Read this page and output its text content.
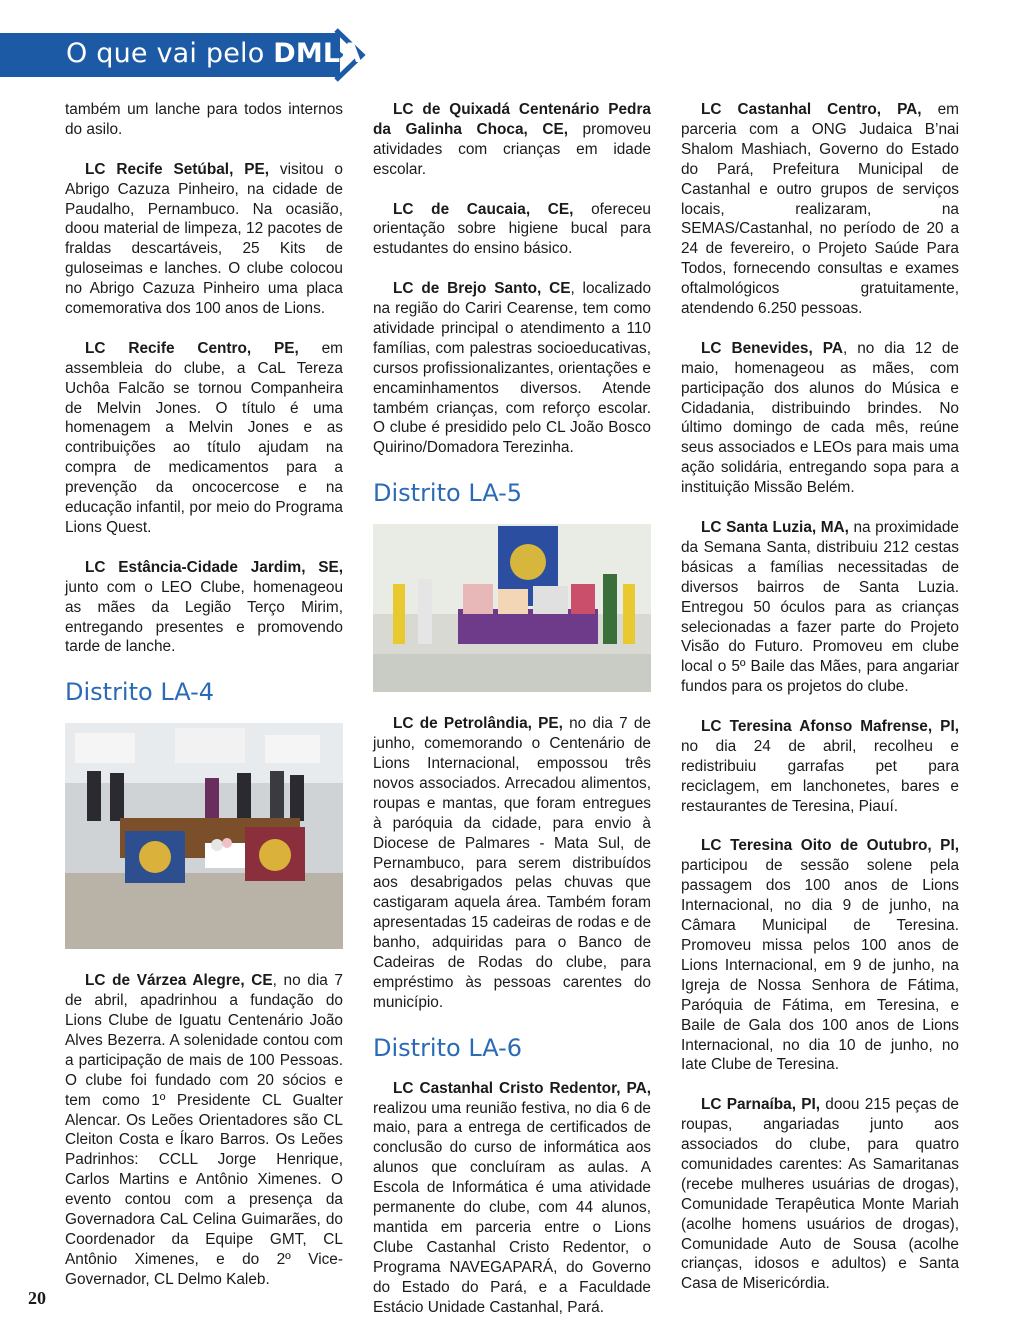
O que vai pelo DMLA

também um lanche para todos internos do asilo.

LC Recife Setúbal, PE, visitou o Abrigo Cazuza Pinheiro, na cidade de Paudalho, Pernambuco. Na ocasião, doou material de limpeza, 12 pacotes de fraldas descartáveis, 25 Kits de guloseimas e lanches. O clube colocou no Abrigo Cazuza Pinheiro uma placa comemorativa dos 100 anos de Lions.

LC Recife Centro, PE, em assembleia do clube, a CaL Tereza Uchôa Falcão se tornou Companheira de Melvin Jones. O título é uma homenagem a Melvin Jones e as contribuições ao título ajudam na compra de medicamentos para a prevenção da oncocercose e na educação infantil, por meio do Programa Lions Quest.

LC Estância-Cidade Jardim, SE, junto com o LEO Clube, homenageou as mães da Legião Terço Mirim, entregando presentes e promovendo tarde de lanche.

Distrito LA-4

LC de Várzea Alegre, CE, no dia 7 de abril, apadrinhou a fundação do Lions Clube de Iguatu Centenário João Alves Bezerra. A solenidade contou com a participação de mais de 100 Pessoas. O clube foi fundado com 20 sócios e tem como 1º Presidente CL Gualter Alencar. Os Leões Orientadores são CL Cleiton Costa e Íkaro Barros. Os Leões Padrinhos: CCLL Jorge Henrique, Carlos Martins e Antônio Ximenes. O evento contou com a presença da Governadora CaL Celina Guimarães, do Coordenador da Equipe GMT, CL Antônio Ximenes, e do 2º Vice-Governador, CL Delmo Kaleb.

LC de Quixadá Centenário Pedra da Galinha Choca, CE, promoveu atividades com crianças em idade escolar.

LC de Caucaia, CE, ofereceu orientação sobre higiene bucal para estudantes do ensino básico.

LC de Brejo Santo, CE, localizado na região do Cariri Cearense, tem como atividade principal o atendimento a 110 famílias, com palestras socioeducativas, cursos profissionalizantes, orientações e encaminhamentos diversos. Atende também crianças, com reforço escolar. O clube é presidido pelo CL João Bosco Quirino/Domadora Terezinha.

Distrito LA-5

LC de Petrolândia, PE, no dia 7 de junho, comemorando o Centenário de Lions Internacional, empossou três novos associados. Arrecadou alimentos, roupas e mantas, que foram entregues à paróquia da cidade, para envio à Diocese de Palmares - Mata Sul, de Pernambuco, para serem distribuídos aos desabrigados pelas chuvas que castigaram aquela área. Também foram apresentadas 15 cadeiras de rodas e de banho, adquiridas para o Banco de Cadeiras de Rodas do clube, para empréstimo às pessoas carentes do município.

Distrito LA-6

LC Castanhal Cristo Redentor, PA, realizou uma reunião festiva, no dia 6 de maio, para a entrega de certificados de conclusão do curso de informática aos alunos que concluíram as aulas. A Escola de Informática é uma atividade permanente do clube, com 44 alunos, mantida em parceria entre o Lions Clube Castanhal Cristo Redentor, o Programa NAVEGAPARÁ, do Governo do Estado do Pará, e a Faculdade Estácio Unidade Castanhal, Pará.

LC Castanhal Centro, PA, em parceria com a ONG Judaica B’nai Shalom Mashiach, Governo do Estado do Pará, Prefeitura Municipal de Castanhal e outro grupos de serviços locais, realizaram, na SEMAS/Castanhal, no período de 20 a 24 de fevereiro, o Projeto Saúde Para Todos, fornecendo consultas e exames oftalmológicos gratuitamente, atendendo 6.250 pessoas.

LC Benevides, PA, no dia 12 de maio, homenageou as mães, com participação dos alunos do Música e Cidadania, distribuindo brindes. No último domingo de cada mês, reúne seus associados e LEOs para mais uma ação solidária, entregando sopa para a instituição Missão Belém.

LC Santa Luzia, MA, na proximidade da Semana Santa, distribuiu 212 cestas básicas a famílias necessitadas de diversos bairros de Santa Luzia. Entregou 50 óculos para as crianças selecionadas a fazer parte do Projeto Visão do Futuro. Promoveu em clube local o 5º Baile das Mães, para angariar fundos para os projetos do clube.

LC Teresina Afonso Mafrense, PI, no dia 24 de abril, recolheu e redistribuiu garrafas pet para reciclagem, em lanchonetes, bares e restaurantes de Teresina, Piauí.

LC Teresina Oito de Outubro, PI, participou de sessão solene pela passagem dos 100 anos de Lions Internacional, no dia 9 de junho, na Câmara Municipal de Teresina. Promoveu missa pelos 100 anos de Lions Internacional, em 9 de junho, na Igreja de Nossa Senhora de Fátima, Paróquia de Fátima, em Teresina, e Baile de Gala dos 100 anos de Lions Internacional, no dia 10 de junho, no Iate Clube de Teresina.

LC Parnaíba, PI, doou 215 peças de roupas, angariadas junto aos associados do clube, para quatro comunidades carentes: As Samaritanas (recebe mulheres usuárias de drogas), Comunidade Terapêutica Monte Mariah (acolhe homens usuários de drogas), Comunidade Auto de Sousa (acolhe crianças, idosos e adultos) e Santa Casa de Misericórdia.

20
